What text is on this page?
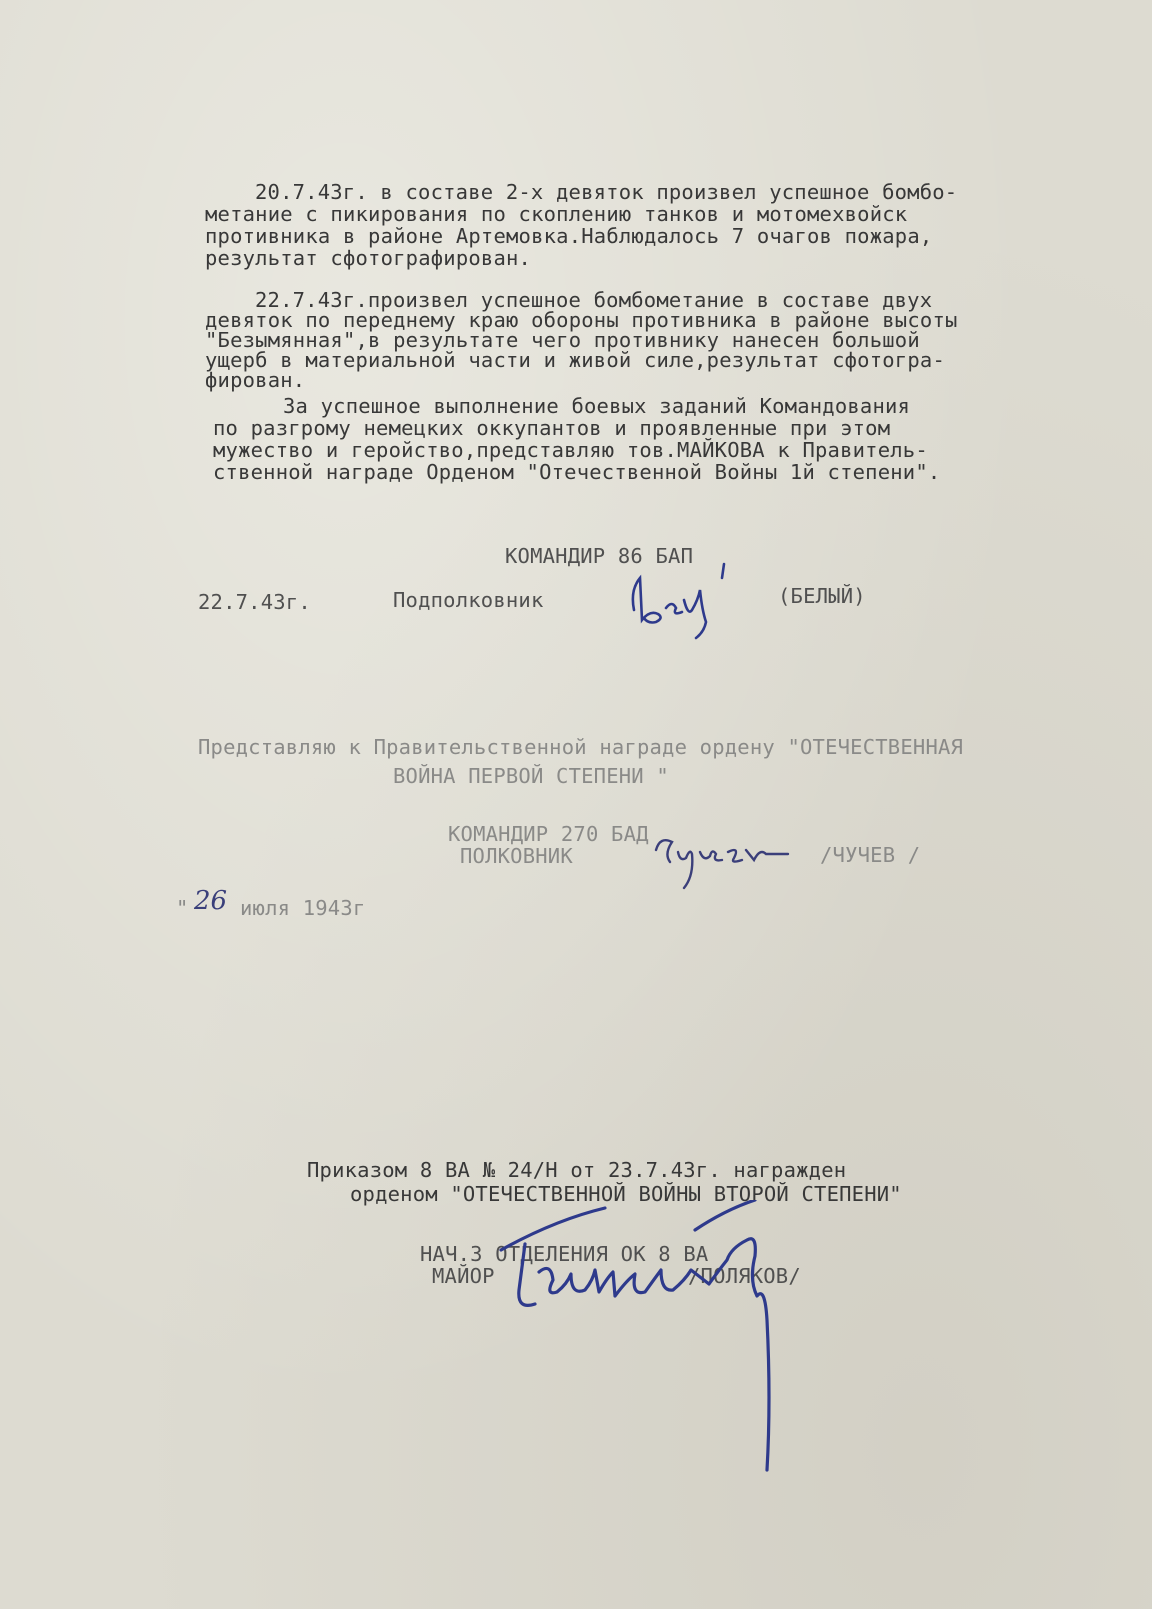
20.7.43г. в составе 2-х девяток произвел успешное бомбо-
метание с пикирования по скоплению танков и мотомехвойск
противника в районе Артемовка.Наблюдалось 7 очагов пожара,
результат сфотографирован.
22.7.43г.произвел успешное бомбометание в составе двух
девяток по переднему краю обороны противника в районе высоты
"Безымянная",в результате чего противнику нанесен большой
ущерб в материальной части и живой силе,результат сфотогра-
фирован.
За успешное выполнение боевых заданий Командования
по разгрому немецких оккупантов и проявленные при этом
мужество и геройство,представляю тов.МАЙКОВА к Правитель-
ственной награде Орденом "Отечественной Войны 1й степени".
КОМАНДИР 86 БАП
22.7.43г.	Подполковник	(БЕЛЫЙ)
Представляю к Правительственной награде ордену "ОТЕЧЕСТВЕННАЯ
ВОЙНА ПЕРВОЙ СТЕПЕНИ "
КОМАНДИР 270 БАД
ПОЛКОВНИК	/ЧУЧЕВ /
" 26 июля 1943г
Приказом 8 ВА № 24/Н от 23.7.43г. награжден
орденом "ОТЕЧЕСТВЕННОЙ ВОЙНЫ ВТОРОЙ СТЕПЕНИ"
НАЧ.3 ОТДЕЛЕНИЯ ОК 8 ВА
МАЙОР	/ПОЛЯКОВ/
